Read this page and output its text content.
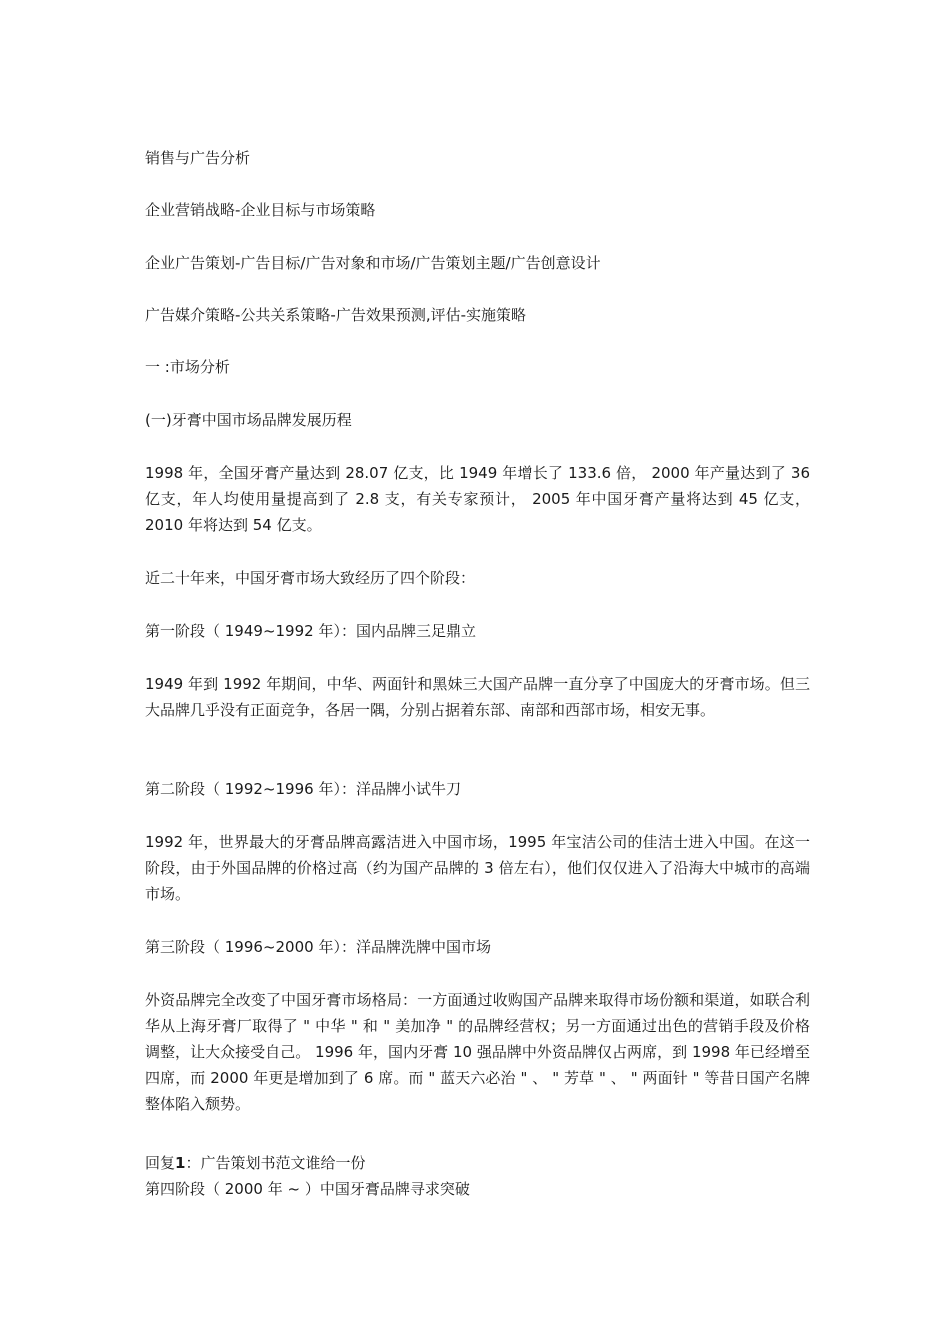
销售与广告分析
企业营销战略-企业目标与市场策略
企业广告策划-广告目标/广告对象和市场/广告策划主题/广告创意设计
广告媒介策略-公共关系策略-广告效果预测,评估-实施策略
一 :市场分析
(一)牙膏中国市场品牌发展历程
1998 年，全国牙膏产量达到 28.07 亿支，比 1949 年增长了 133.6 倍， 2000 年产量达到了 36 亿支，年人均使用量提高到了 2.8 支，有关专家预计， 2005 年中国牙膏产量将达到 45 亿支， 2010 年将达到 54 亿支。
近二十年来，中国牙膏市场大致经历了四个阶段：
第一阶段（ 1949~1992 年）：国内品牌三足鼎立
1949 年到 1992 年期间，中华、两面针和黑妹三大国产品牌一直分享了中国庞大的牙膏市场。但三大品牌几乎没有正面竞争，各居一隅，分别占据着东部、南部和西部市场，相安无事。
第二阶段（ 1992~1996 年）：洋品牌小试牛刀
1992 年，世界最大的牙膏品牌高露洁进入中国市场，1995 年宝洁公司的佳洁士进入中国。在这一阶段，由于外国品牌的价格过高（约为国产品牌的 3 倍左右），他们仅仅进入了沿海大中城市的高端市场。
第三阶段（ 1996~2000 年）：洋品牌洗牌中国市场
外资品牌完全改变了中国牙膏市场格局：一方面通过收购国产品牌来取得市场份额和渠道，如联合利华从上海牙膏厂取得了 " 中华 " 和 " 美加净 " 的品牌经营权；另一方面通过出色的营销手段及价格调整，让大众接受自己。 1996 年，国内牙膏 10 强品牌中外资品牌仅占两席，到 1998 年已经增至四席，而 2000 年更是增加到了 6 席。而 " 蓝天六必治 " 、 " 芳草 " 、 " 两面针 " 等昔日国产名牌整体陷入颓势。
回复1：广告策划书范文谁给一份
第四阶段（ 2000 年 ~ ）中国牙膏品牌寻求突破
